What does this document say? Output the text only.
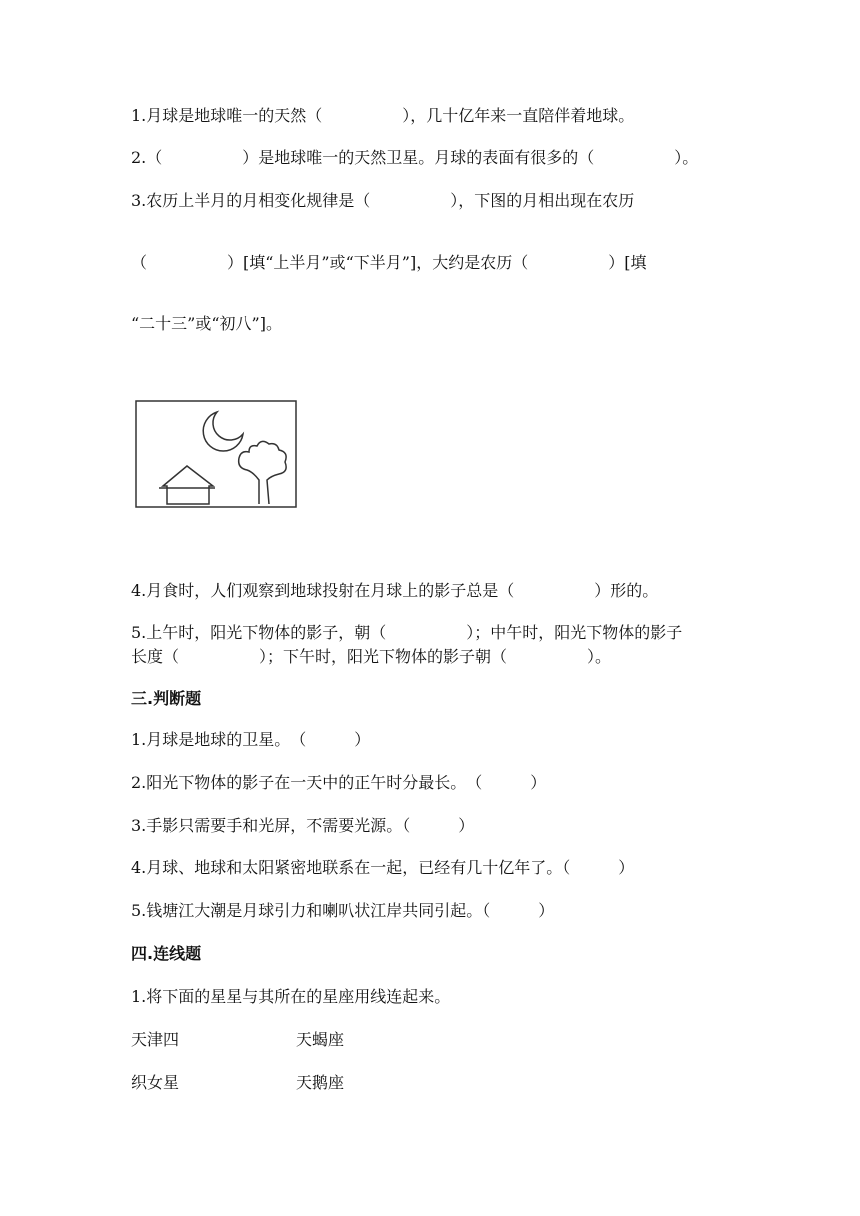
1.月球是地球唯一的天然（　　　　　），几十亿年来一直陪伴着地球。
2.（　　　　　）是地球唯一的天然卫星。月球的表面有很多的（　　　　　）。
3.农历上半月的月相变化规律是（　　　　　），下图的月相出现在农历
（　　　　　）[填“上半月”或“下半月”]，大约是农历（　　　　　）[填
“二十三”或“初八”]。
4.月食时，人们观察到地球投射在月球上的影子总是（　　　　　）形的。
5.上午时，阳光下物体的影子，朝（　　　　　）；中午时，阳光下物体的影子
长度（　　　　　）；下午时，阳光下物体的影子朝（　　　　　）。
三.判断题
1.月球是地球的卫星。　（　　　）
2.阳光下物体的影子在一天中的正午时分最长。　（　　　）
3.手影只需要手和光屏，不需要光源。（　　　）
4.月球、地球和太阳紧密地联系在一起，已经有几十亿年了。（　　　）
5.钱塘江大潮是月球引力和喇叭状江岸共同引起。（　　　）
四.连线题
1.将下面的星星与其所在的星座用线连起来。
天津四	天蝎座
织女星	天鹅座
